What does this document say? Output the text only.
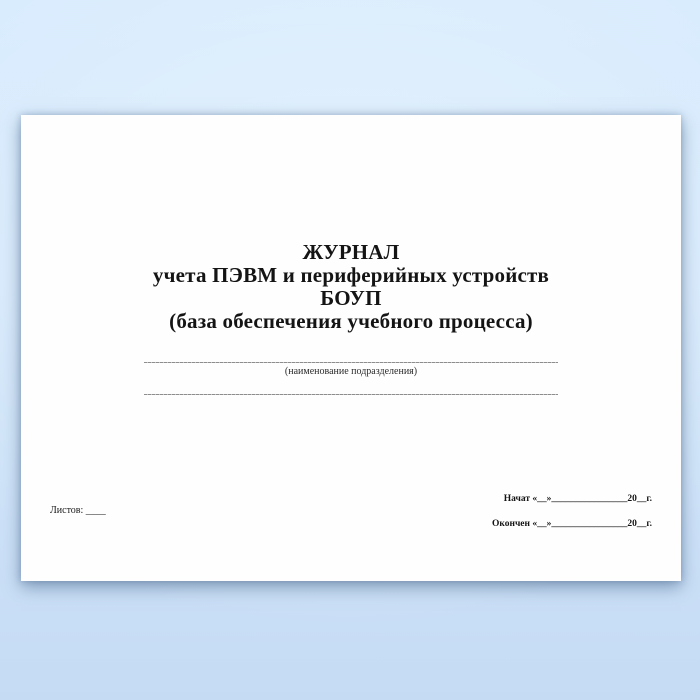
ЖУРНАЛ
учета ПЭВМ и периферийных устройств
БОУП
(база обеспечения учебного процесса)
(наименование подразделения)
Листов: ____
Начат «__»________________20__г.
Окончен «__»________________20__г.
